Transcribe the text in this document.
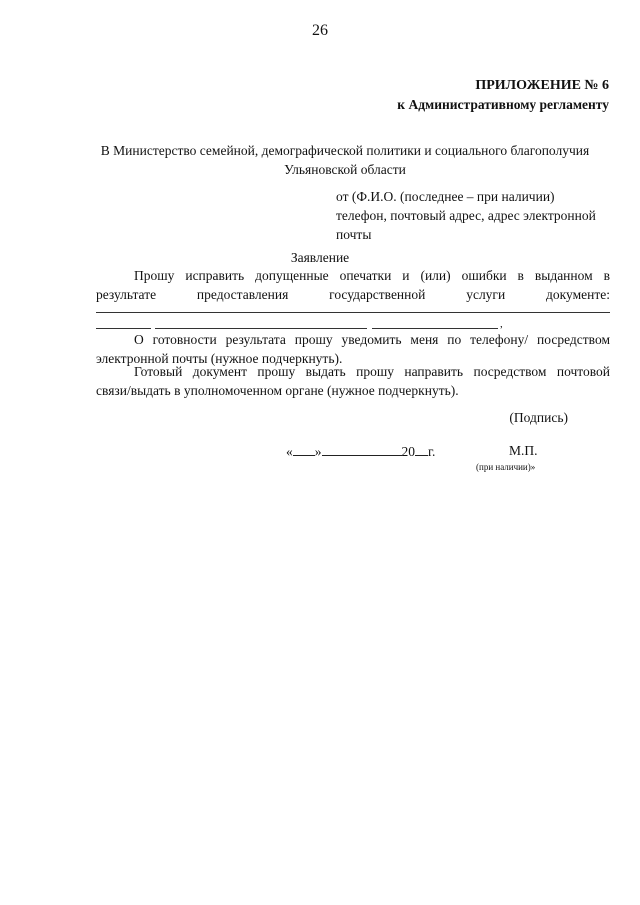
26
ПРИЛОЖЕНИЕ № 6
к Административному регламенту
В Министерство семейной, демографической политики и социального благополучия
Ульяновской области
от (Ф.И.О. (последнее – при наличии)
телефон, почтовый адрес, адрес электронной
почты
Заявление
Прошу исправить допущенные опечатки и (или) ошибки в выданном в
результате предоставления государственной услуги документе:
,
О готовности результата прошу уведомить меня по телефону/ посредством
электронной почты (нужное подчеркнуть).
Готовый документ прошу выдать прошу направить посредством почтовой
связи/выдать в уполномоченном органе (нужное подчеркнуть).
(Подпись)
« »	20 г.	М.П.
(при наличии)»
